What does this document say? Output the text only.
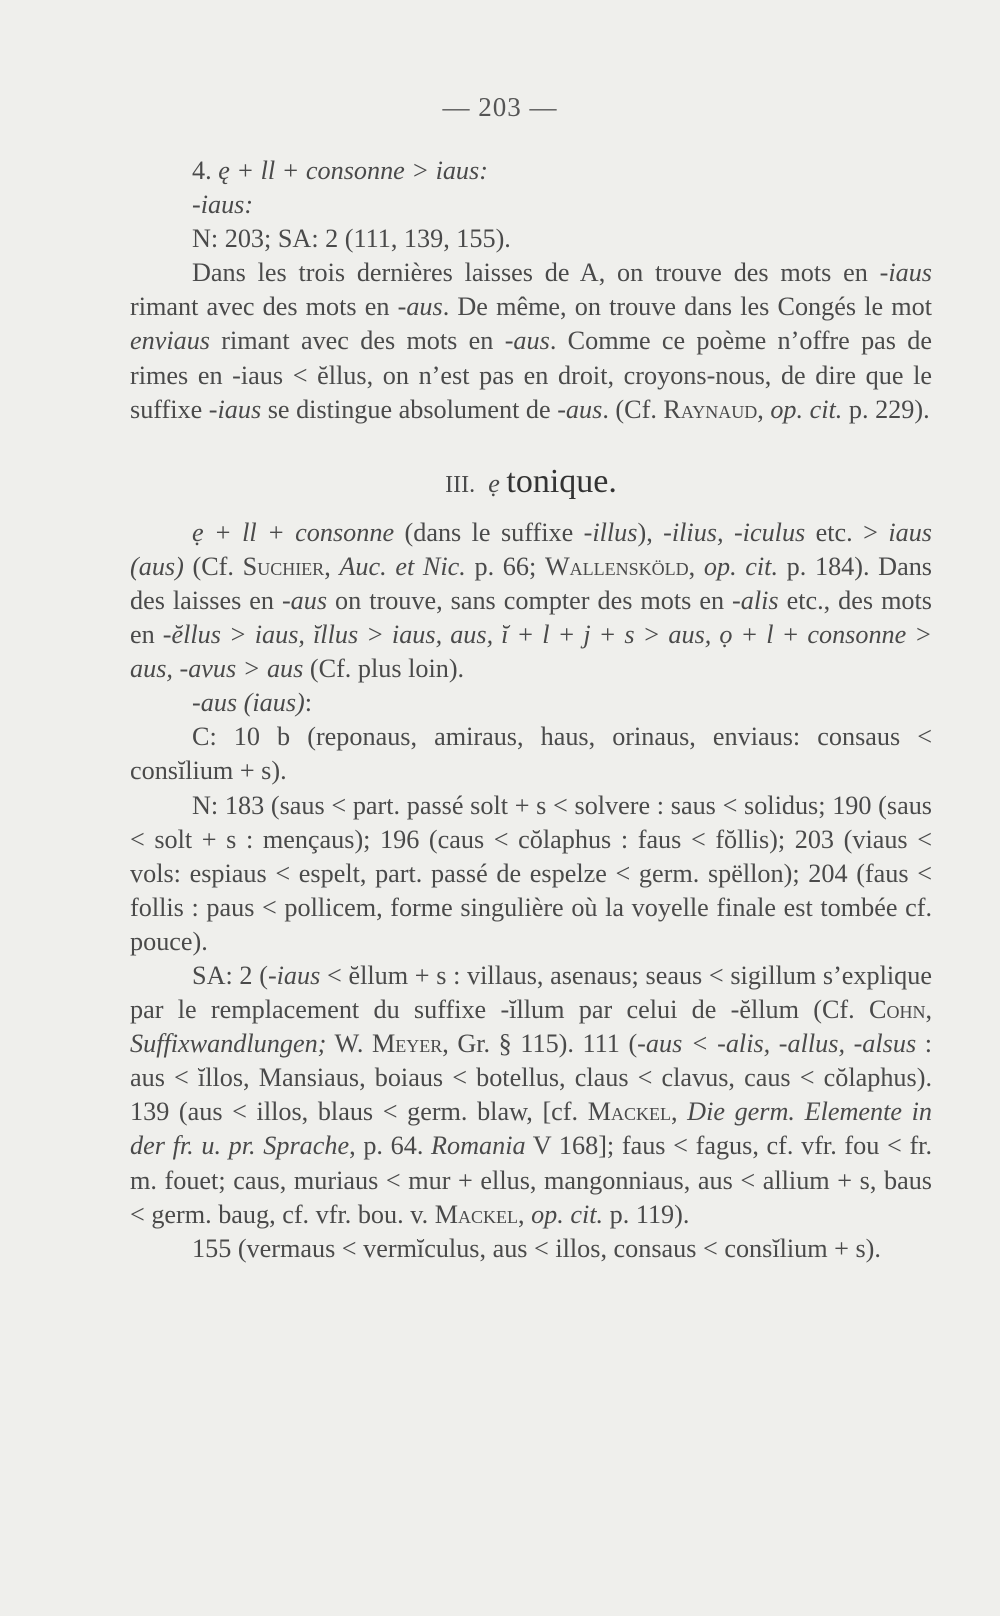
— 203 —

4. ę + ll + consonne > iaus:

-iaus:

N: 203; SA: 2 (111, 139, 155).

Dans les trois dernières laisses de A, on trouve des mots en -iaus rimant avec des mots en -aus. De même, on trouve dans les Congés le mot enviaus rimant avec des mots en -aus. Comme ce poème n’offre pas de rimes en -iaus < ĕllus, on n’est pas en droit, croyons-nous, de dire que le suffixe -iaus se distingue absolument de -aus. (Cf. Raynaud, op. cit. p. 229).

III. ẹ tonique.

ẹ + ll + consonne (dans le suffixe -illus), -ilius, -iculus etc. > iaus (aus) (Cf. Suchier, Auc. et Nic. p. 66; Wallensköld, op. cit. p. 184). Dans des laisses en -aus on trouve, sans compter des mots en -alis etc., des mots en -ĕllus > iaus, ĭllus > iaus, aus, ĭ + l + j + s > aus, ọ + l + consonne > aus, -avus > aus (Cf. plus loin).

-aus (iaus):

C: 10 b (reponaus, amiraus, haus, orinaus, enviaus: consaus < consĭlium + s).

N: 183 (saus < part. passé solt + s < solvere : saus < solidus; 190 (saus < solt + s : mençaus); 196 (caus < cŏlaphus : faus < fŏllis); 203 (viaus < vols: espiaus < espelt, part. passé de espelze < germ. spëllon); 204 (faus < follis : paus < pollicem, forme singulière où la voyelle finale est tombée cf. pouce).

SA: 2 (-iaus < ĕllum + s : villaus, asenaus; seaus < sigillum s’explique par le remplacement du suffixe -ĭllum par celui de -ĕllum (Cf. Cohn, Suffixwandlungen; W. Meyer, Gr. § 115). 111 (-aus < -alis, -allus, -alsus : aus < ĭllos, Mansiaus, boiaus < botellus, claus < clavus, caus < cŏlaphus). 139 (aus < illos, blaus < germ. blaw, [cf. Mackel, Die germ. Elemente in der fr. u. pr. Sprache, p. 64. Romania V 168]; faus < fagus, cf. vfr. fou < fr. m. fouet; caus, muriaus < mur + ellus, mangonniaus, aus < allium + s, baus < germ. baug, cf. vfr. bou. v. Mackel, op. cit. p. 119).

155 (vermaus < vermĭculus, aus < illos, consaus < consĭlium + s).
